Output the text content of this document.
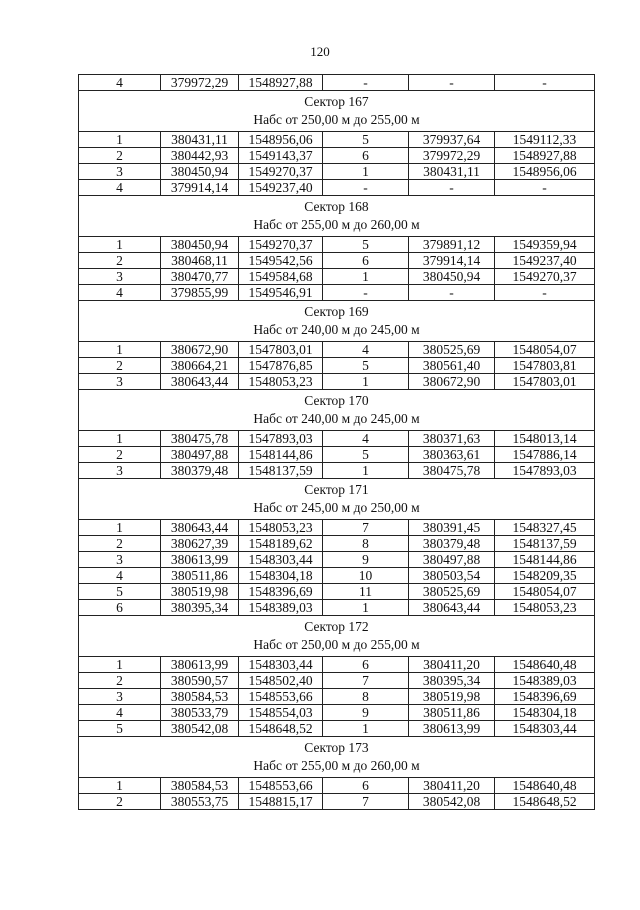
120
4	379972,29	1548927,88	-	-	-

Сектор 167
Набс от 250,00 м до 255,00 м					

1	380431,11	1548956,06	5	379937,64	1549112,33
2	380442,93	1549143,37	6	379972,29	1548927,88
3	380450,94	1549270,37	1	380431,11	1548956,06
4	379914,14	1549237,40	-	-	-

Сектор 168
Набс от 255,00 м до 260,00 м					

1	380450,94	1549270,37	5	379891,12	1549359,94
2	380468,11	1549542,56	6	379914,14	1549237,40
3	380470,77	1549584,68	1	380450,94	1549270,37
4	379855,99	1549546,91	-	-	-

Сектор 169
Набс от 240,00 м до 245,00 м					

1	380672,90	1547803,01	4	380525,69	1548054,07
2	380664,21	1547876,85	5	380561,40	1547803,81
3	380643,44	1548053,23	1	380672,90	1547803,01

Сектор 170
Набс от 240,00 м до 245,00 м					

1	380475,78	1547893,03	4	380371,63	1548013,14
2	380497,88	1548144,86	5	380363,61	1547886,14
3	380379,48	1548137,59	1	380475,78	1547893,03

Сектор 171
Набс от 245,00 м до 250,00 м					

1	380643,44	1548053,23	7	380391,45	1548327,45
2	380627,39	1548189,62	8	380379,48	1548137,59
3	380613,99	1548303,44	9	380497,88	1548144,86
4	380511,86	1548304,18	10	380503,54	1548209,35
5	380519,98	1548396,69	11	380525,69	1548054,07
6	380395,34	1548389,03	1	380643,44	1548053,23

Сектор 172
Набс от 250,00 м до 255,00 м					

1	380613,99	1548303,44	6	380411,20	1548640,48
2	380590,57	1548502,40	7	380395,34	1548389,03
3	380584,53	1548553,66	8	380519,98	1548396,69
4	380533,79	1548554,03	9	380511,86	1548304,18
5	380542,08	1548648,52	1	380613,99	1548303,44

Сектор 173
Набс от 255,00 м до 260,00 м					

1	380584,53	1548553,66	6	380411,20	1548640,48
2	380553,75	1548815,17	7	380542,08	1548648,52
